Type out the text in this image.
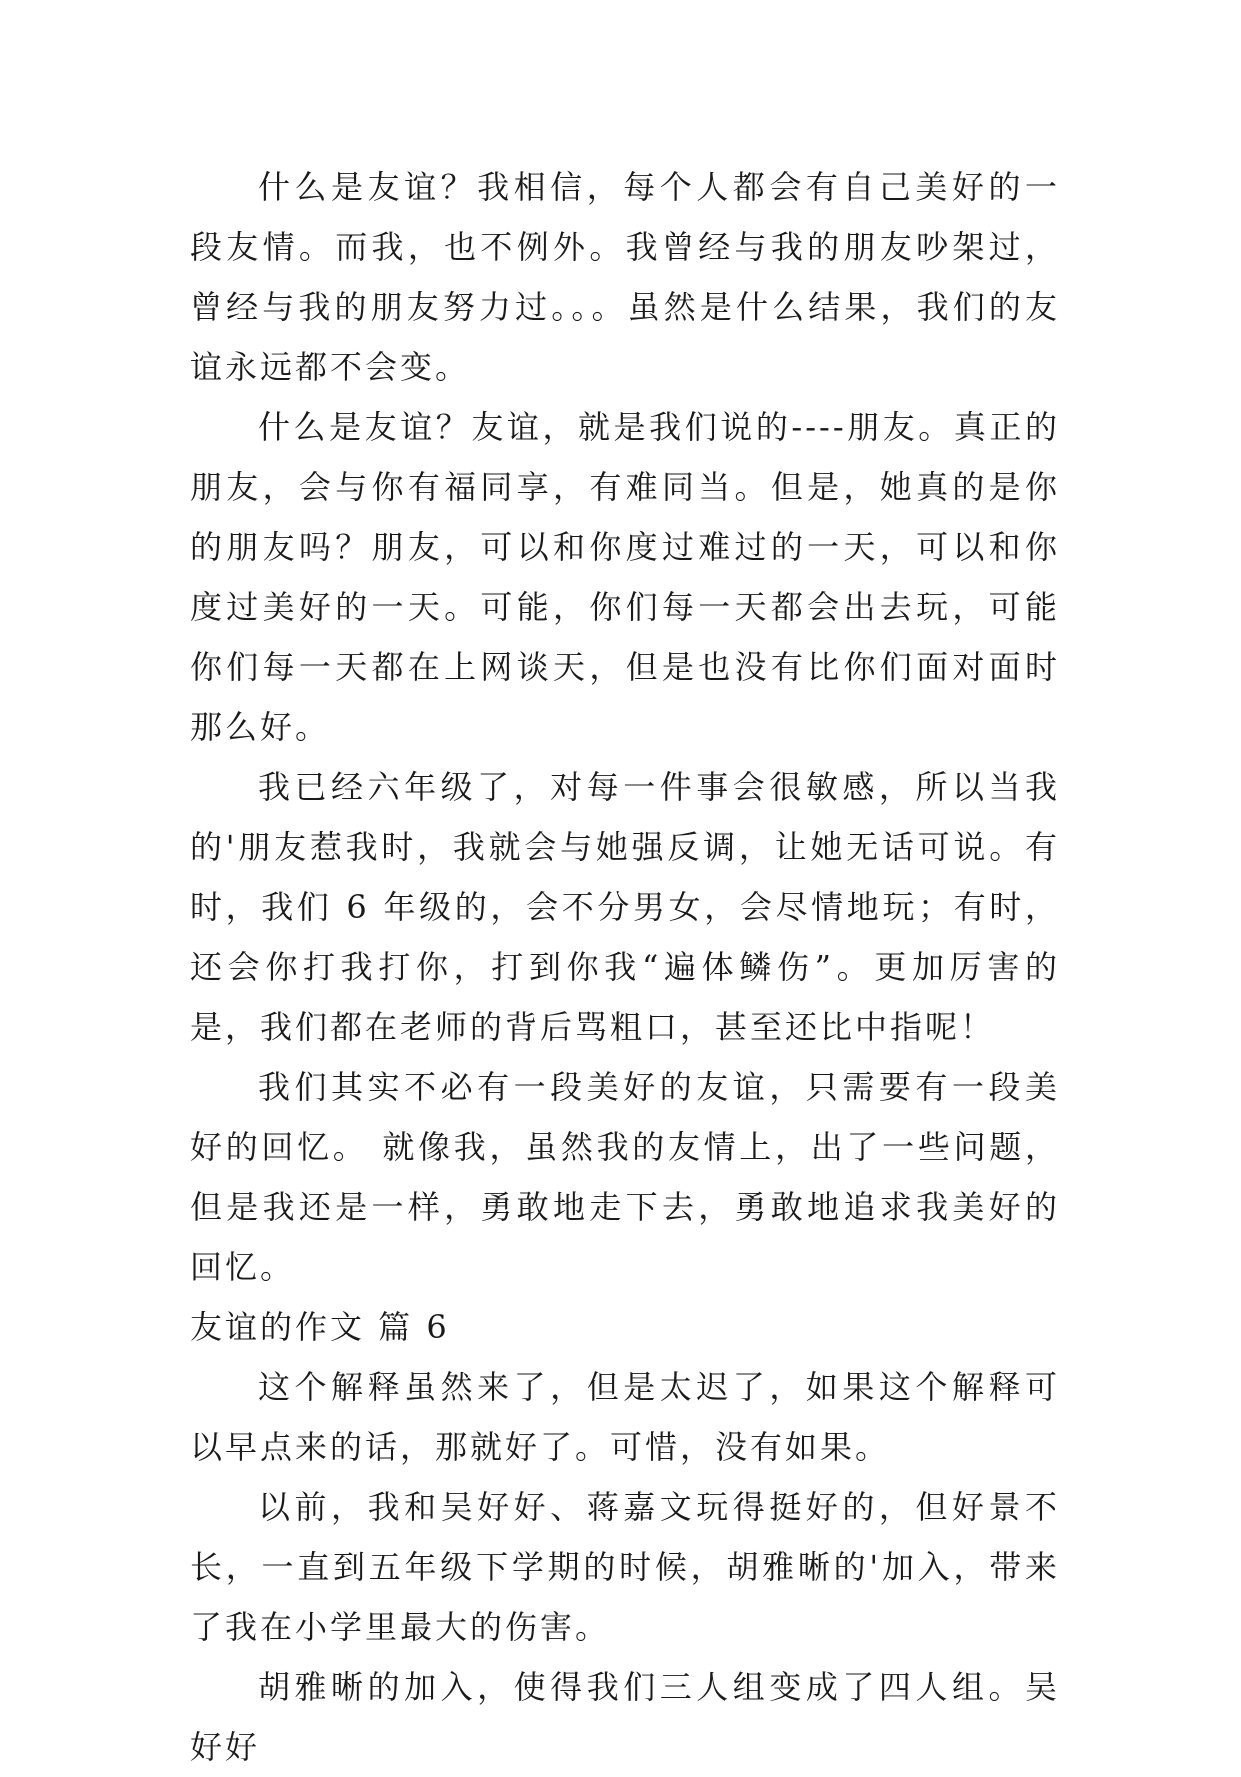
什么是友谊？我相信，每个人都会有自己美好的一段友情。而我，也不例外。我曾经与我的朋友吵架过，曾经与我的朋友努力过。。。虽然是什么结果，我们的友谊永远都不会变。

什么是友谊？友谊，就是我们说的----朋友。真正的朋友，会与你有福同享，有难同当。但是，她真的是你的朋友吗？朋友，可以和你度过难过的一天，可以和你度过美好的一天。可能，你们每一天都会出去玩，可能你们每一天都在上网谈天，但是也没有比你们面对面时那么好。

我已经六年级了，对每一件事会很敏感，所以当我的'朋友惹我时，我就会与她强反调，让她无话可说。有时，我们 6 年级的，会不分男女，会尽情地玩；有时，还会你打我打你，打到你我“遍体鳞伤”。更加厉害的是，我们都在老师的背后骂粗口，甚至还比中指呢！

我们其实不必有一段美好的友谊，只需要有一段美好的回忆。 就像我，虽然我的友情上，出了一些问题，但是我还是一样，勇敢地走下去，勇敢地追求我美好的回忆。

友谊的作文 篇 6

这个解释虽然来了，但是太迟了，如果这个解释可以早点来的话，那就好了。可惜，没有如果。

以前，我和吴好好、蒋嘉文玩得挺好的，但好景不长，一直到五年级下学期的时候，胡雅晰的'加入，带来了我在小学里最大的伤害。

胡雅晰的加入，使得我们三人组变成了四人组。吴好好
